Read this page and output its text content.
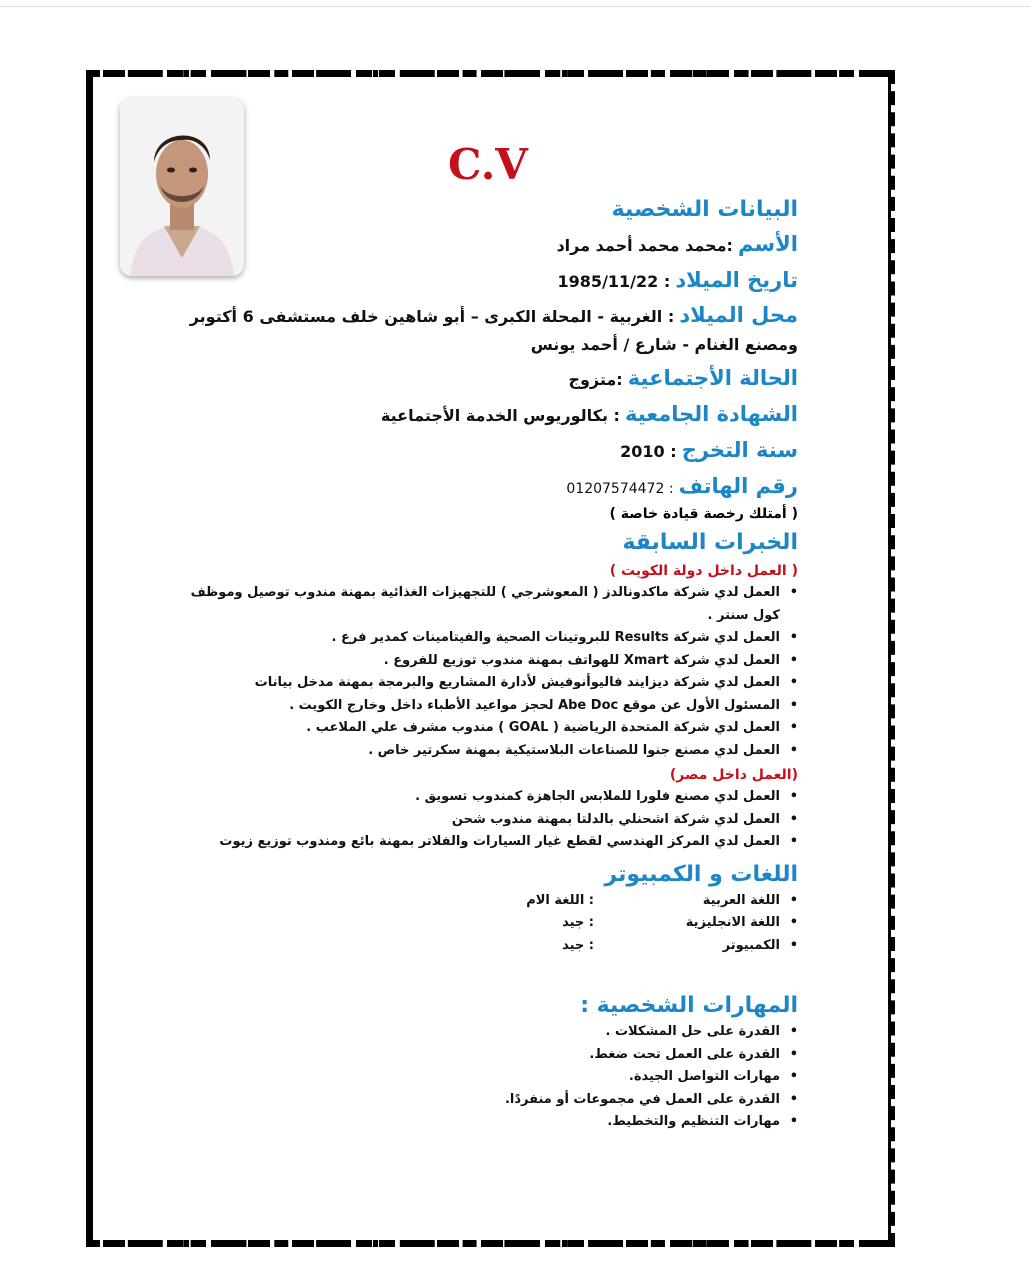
C.V
البيانات الشخصية
الأسم :محمد محمد أحمد مراد
تاريخ الميلاد : 1985/11/22
محل الميلاد : الغربية - المحلة الكبرى – أبو شاهين خلف مستشفى 6 أكتوبر
ومصنع الغنام - شارع / أحمد يونس
الحالة الأجتماعية :متزوج
الشهادة الجامعية : بكالوريوس الخدمة الأجتماعية
سنة التخرج : 2010
رقم الهاتف : 01207574472
( أمتلك رخصة قيادة خاصة )
الخبرات السابقة
( العمل داخل دولة الكويت )
• العمل لدي شركة ماكدونالدز ( المعوشرجي ) للتجهيزات الغذائية بمهنة مندوب توصيل وموظف كول سنتر .
• العمل لدي شركة Results للبروتينات الصحية والفيتامينات كمدير فرع .
• العمل لدي شركة Xmart للهواتف بمهنة مندوب توزيع للفروع .
• العمل لدي شركة ديزايند فاليوأنوفيش لأدارة المشاريع والبرمجة بمهنة مدخل بيانات
• المسئول الأول عن موقع Abe Doc لحجز مواعيد الأطباء داخل وخارج الكويت .
• العمل لدي شركة المتحدة الرياضية ( GOAL ) مندوب مشرف علي الملاعب .
• العمل لدي مصنع جنوا للصناعات البلاستيكية بمهنة سكرتير خاص .
(العمل داخل مصر)
• العمل لدي مصنع فلورا للملابس الجاهزة كمندوب تسويق .
• العمل لدي شركة اشحنلي بالدلتا بمهنة مندوب شحن
• العمل لدي المركز الهندسي لقطع غيار السيارات والفلاتر بمهنة بائع ومندوب توزيع زيوت
اللغات و الكمبيوتر
• اللغة العربية
: اللغة الام
• اللغة الانجليزية
: جيد
• الكمبيوتر
: جيد
المهارات الشخصية :
• القدرة على حل المشكلات .
• القدرة على العمل تحت ضغط.
• مهارات التواصل الجيدة.
• القدرة على العمل في مجموعات أو منفردًا.
• مهارات التنظيم والتخطيط.
